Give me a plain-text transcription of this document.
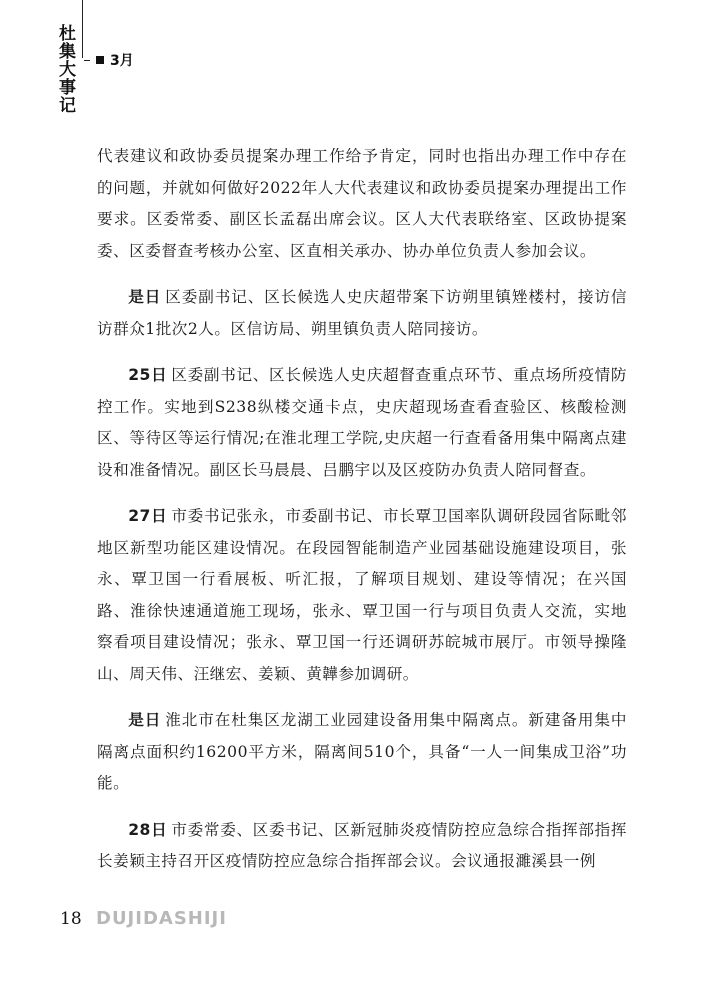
杜集大事记	3月

代表建议和政协委员提案办理工作给予肯定，同时也指出办理工作中存在的问题，并就如何做好2022年人大代表建议和政协委员提案办理提出工作要求。区委常委、副区长孟磊出席会议。区人大代表联络室、区政协提案委、区委督查考核办公室、区直相关承办、协办单位负责人参加会议。

是日 区委副书记、区长候选人史庆超带案下访朔里镇矬楼村，接访信访群众1批次2人。区信访局、朔里镇负责人陪同接访。

25日 区委副书记、区长候选人史庆超督查重点环节、重点场所疫情防控工作。实地到S238纵楼交通卡点，史庆超现场查看查验区、核酸检测区、等待区等运行情况;在淮北理工学院,史庆超一行查看备用集中隔离点建设和准备情况。副区长马晨晨、吕鹏宇以及区疫防办负责人陪同督查。

27日 市委书记张永，市委副书记、市长覃卫国率队调研段园省际毗邻地区新型功能区建设情况。在段园智能制造产业园基础设施建设项目，张永、覃卫国一行看展板、听汇报，了解项目规划、建设等情况；在兴国路、淮徐快速通道施工现场，张永、覃卫国一行与项目负责人交流，实地察看项目建设情况；张永、覃卫国一行还调研苏皖城市展厅。市领导操隆山、周天伟、汪继宏、姜颖、黄韡参加调研。

是日 淮北市在杜集区龙湖工业园建设备用集中隔离点。新建备用集中隔离点面积约16200平方米，隔离间510个，具备“一人一间集成卫浴”功能。

28日 市委常委、区委书记、区新冠肺炎疫情防控应急综合指挥部指挥长姜颖主持召开区疫情防控应急综合指挥部会议。会议通报濉溪县一例

18 DUJIDASHIJI
